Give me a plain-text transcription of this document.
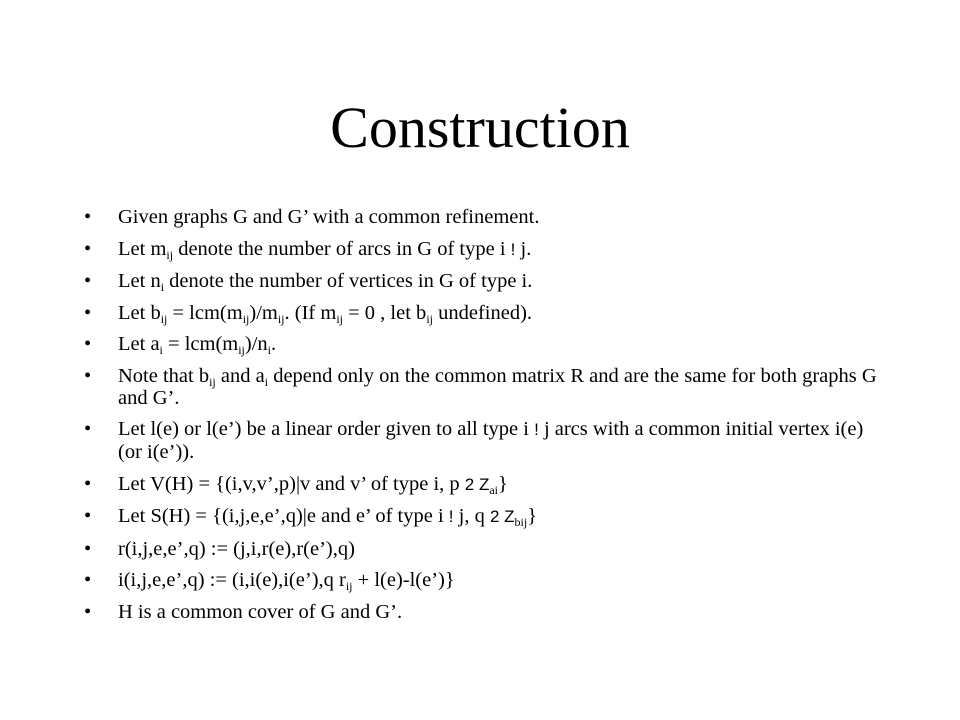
Construction
• Given graphs G and G’ with a common refinement.
• Let $m_{ij}$ denote the number of arcs in G of type i ! j.
• Let $n_i$ denote the number of vertices in G of type i.
• Let $b_{ij} = lcm(m_{ij})/m_{ij}$. (If $m_{ij} = 0$ , let $b_{ij}$ undefined).
• Let $a_i = lcm(m_{ij})/n_i$.
• Note that $b_{ij}$ and $a_i$ depend only on the common matrix R and are the same for both graphs G and G’.
• Let l(e) or l(e’) be a linear order given to all type i ! j arcs with a common initial vertex i(e) (or i(e’)).
• Let V(H) = {(i,v,v’,p)|v and v’ of type i, p 2 $Z_{ai}$}
• Let S(H) = {(i,j,e,e’,q)|e and e’ of type i ! j, q 2 $Z_{bij}$}
• r(i,j,e,e’,q) := (j,i,r(e),r(e’),q)
• i(i,j,e,e’,q) := (i,i(e),i(e’),q $r_{ij}$ + l(e)-l(e’)}
• H is a common cover of G and G’.
